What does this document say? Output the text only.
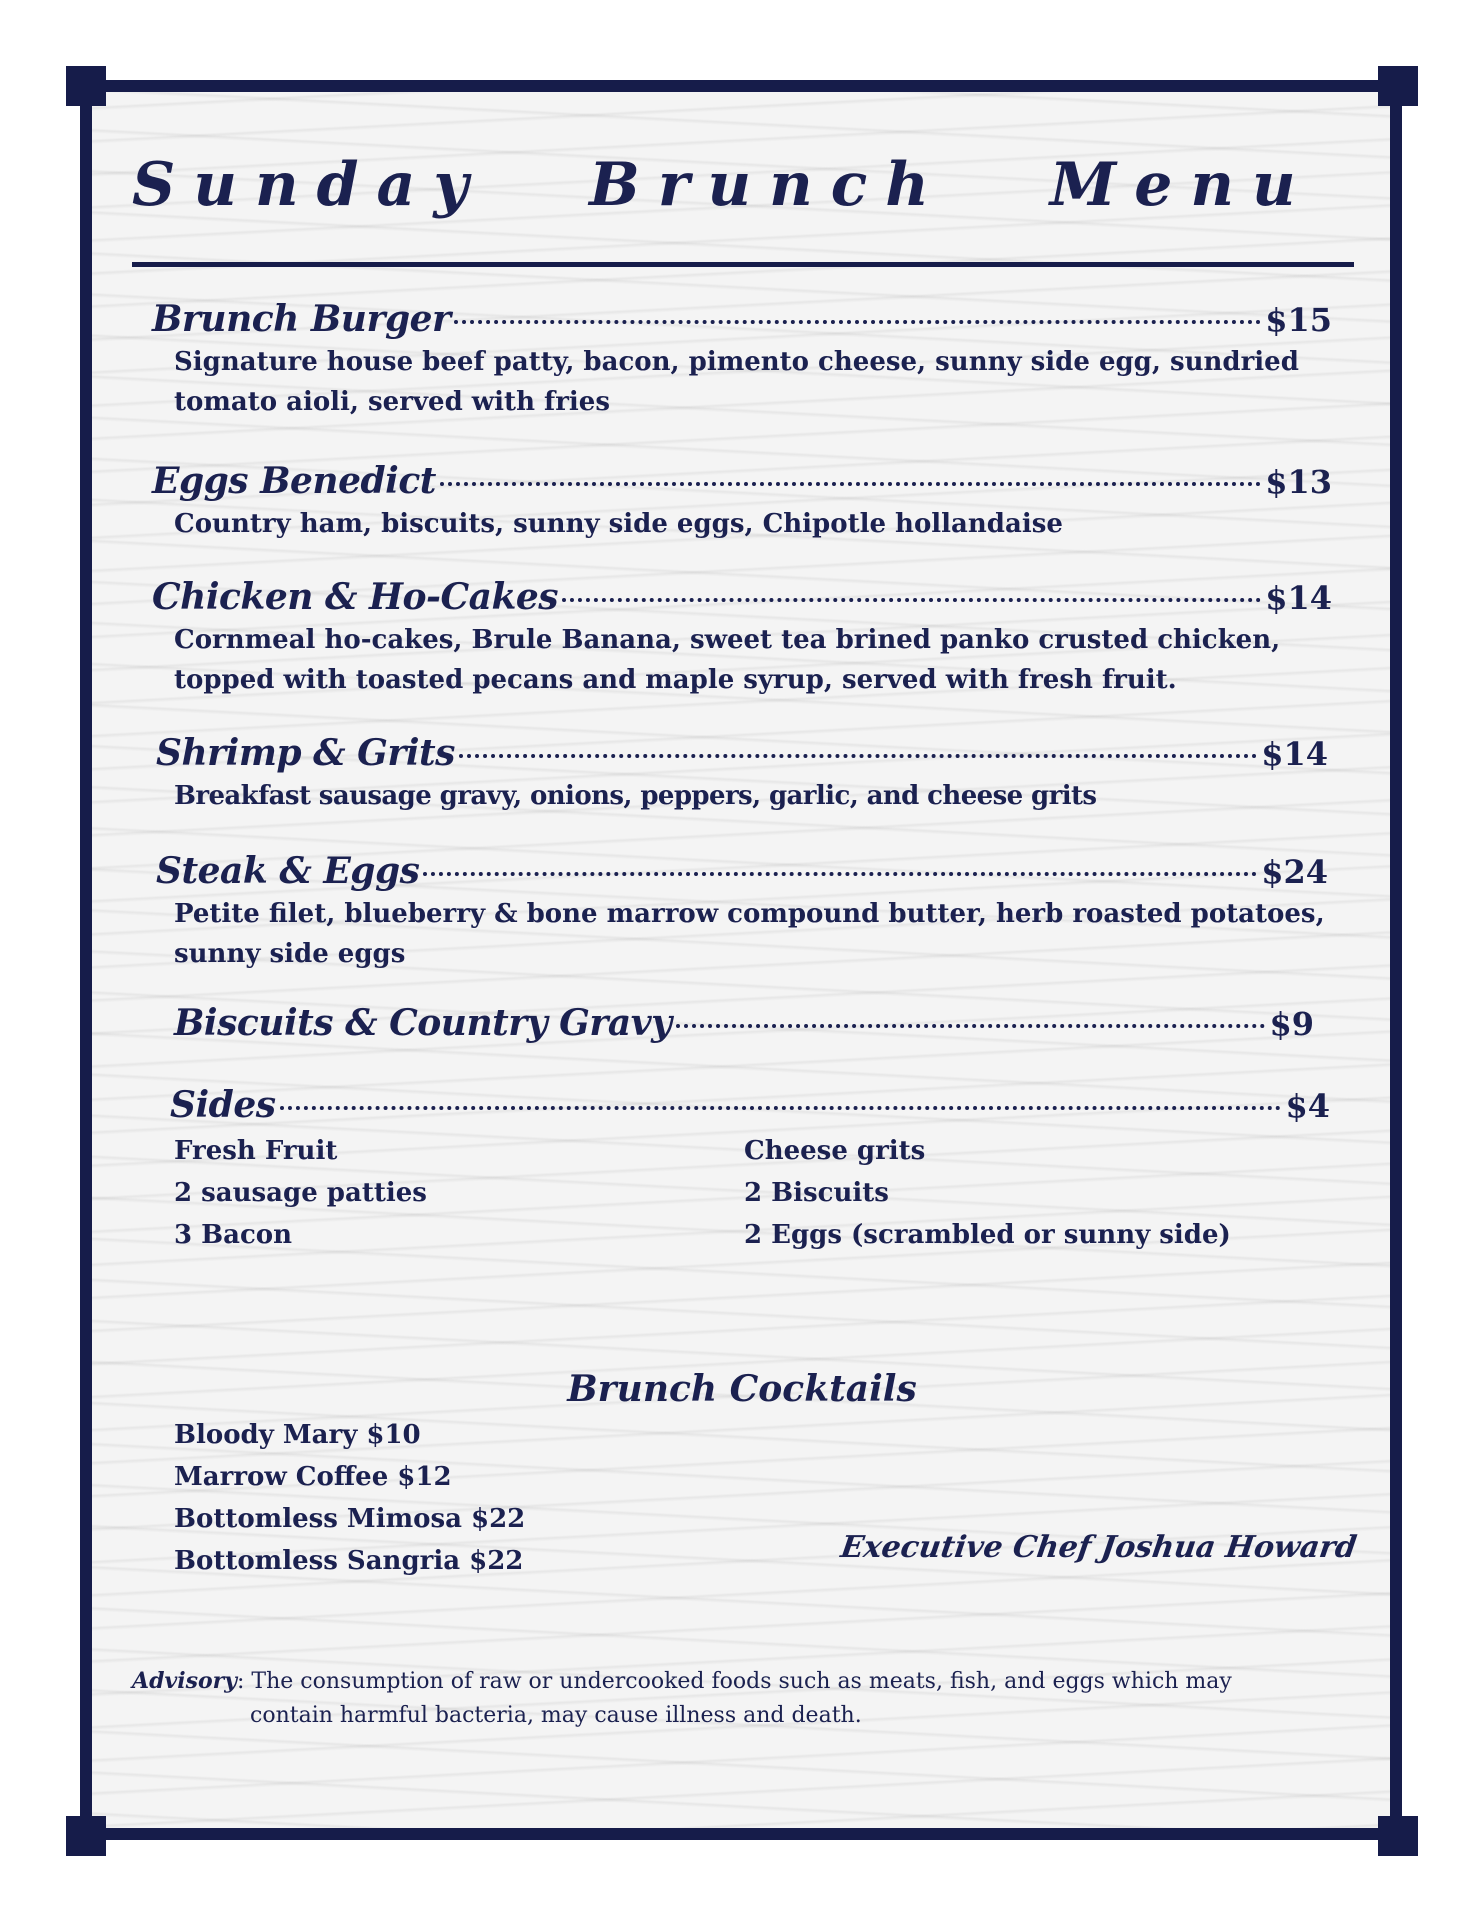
Sunday Brunch Menu
Brunch Burger	$15
Signature house beef patty, bacon, pimento cheese, sunny side egg, sundried tomato aioli, served with fries
Eggs Benedict	$13
Country ham, biscuits, sunny side eggs, Chipotle hollandaise
Chicken & Ho-Cakes	$14
Cornmeal ho-cakes, Brule Banana, sweet tea brined panko crusted chicken, topped with toasted pecans and maple syrup, served with fresh fruit.
Shrimp & Grits	$14
Breakfast sausage gravy, onions, peppers, garlic, and cheese grits
Steak & Eggs	$24
Petite filet, blueberry & bone marrow compound butter, herb roasted potatoes, sunny side eggs
Biscuits & Country Gravy	$9
Sides	$4
Fresh Fruit
2 sausage patties
3 Bacon
Cheese grits
2 Biscuits
2 Eggs (scrambled or sunny side)
Brunch Cocktails
Bloody Mary $10
Marrow Coffee $12
Bottomless Mimosa $22
Bottomless Sangria $22	Executive Chef Joshua Howard
Advisory: The consumption of raw or undercooked foods such as meats, fish, and eggs which may
contain harmful bacteria, may cause illness and death.
